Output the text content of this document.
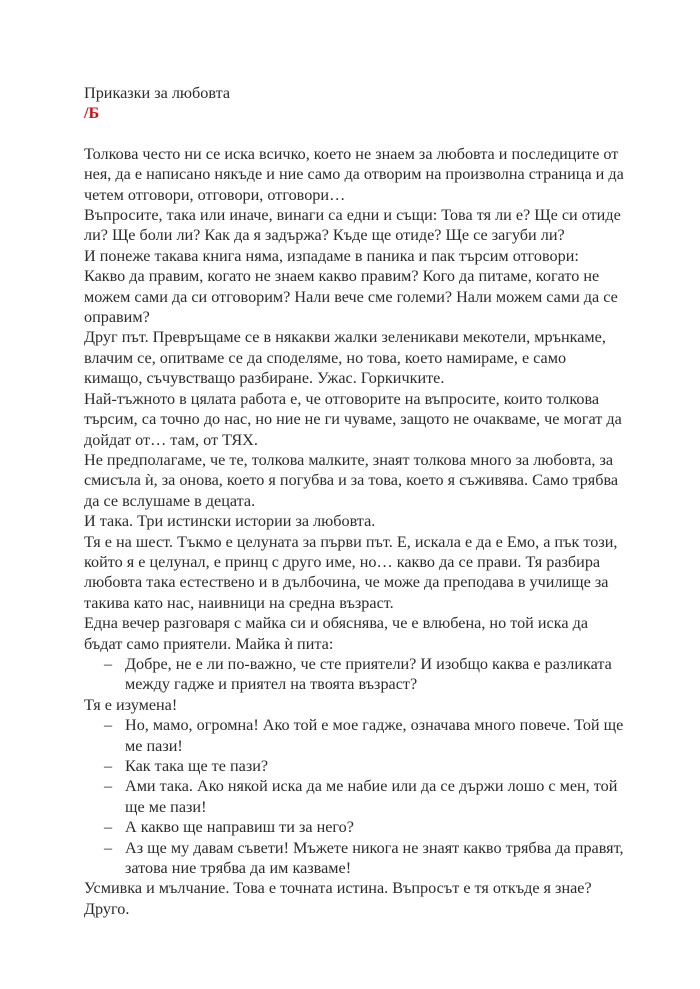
Приказки за любовта
/Б

Толкова често ни се иска всичко, което не знаем за любовта и последиците от нея, да е написано някъде и ние само да отворим на произволна страница и да четем отговори, отговори, отговори…

Въпросите, така или иначе, винаги са едни и същи: Това тя ли е? Ще си отиде ли? Ще боли ли? Как да я задържа? Къде ще отиде? Ще се загуби ли?

И понеже такава книга няма, изпадаме в паника и пак търсим отговори: Какво да правим, когато не знаем какво правим? Кого да питаме, когато не можем сами да си отговорим? Нали вече сме големи? Нали можем сами да се оправим?

Друг път. Превръщаме се в някакви жалки зеленикави мекотели, мрънкаме, влачим се, опитваме се да споделяме, но това, което намираме, е само кимащо, съчувстващо разбиране. Ужас. Горкичките.

Най-тъжното в цялата работа е, че отговорите на въпросите, които толкова търсим, са точно до нас, но ние не ги чуваме, защото не очакваме, че могат да дойдат от… там, от ТЯХ.

Не предполагаме, че те, толкова малките, знаят толкова много за любовта, за смисъла ѝ, за онова, което я погубва и за това, което я съживява. Само трябва да се вслушаме в децата.

И така. Три истински истории за любовта.

Тя е на шест. Тъкмо е целуната за първи път. Е, искала е да е Емо, а пък този, който я е целунал, е принц с друго име, но… какво да се прави. Тя разбира любовта така естествено и в дълбочина, че може да преподава в училище за такива като нас, наивници на средна възраст.

Една вечер разговаря с майка си и обяснява, че е влюбена, но той иска да бъдат само приятели. Майка ѝ пита:

– Добре, не е ли по-важно, че сте приятели? И изобщо каква е разликата между гадже и приятел на твоята възраст?

Тя е изумена!

– Но, мамо, огромна! Ако той е мое гадже, означава много повече. Той ще ме пази!
– Как така ще те пази?
– Ами така. Ако някой иска да ме набие или да се държи лошо с мен, той ще ме пази!
– А какво ще направиш ти за него?
– Аз ще му давам съвети! Мъжете никога не знаят какво трябва да правят, затова ние трябва да им казваме!

Усмивка и мълчание. Това е точната истина. Въпросът е тя откъде я знае? Друго.
